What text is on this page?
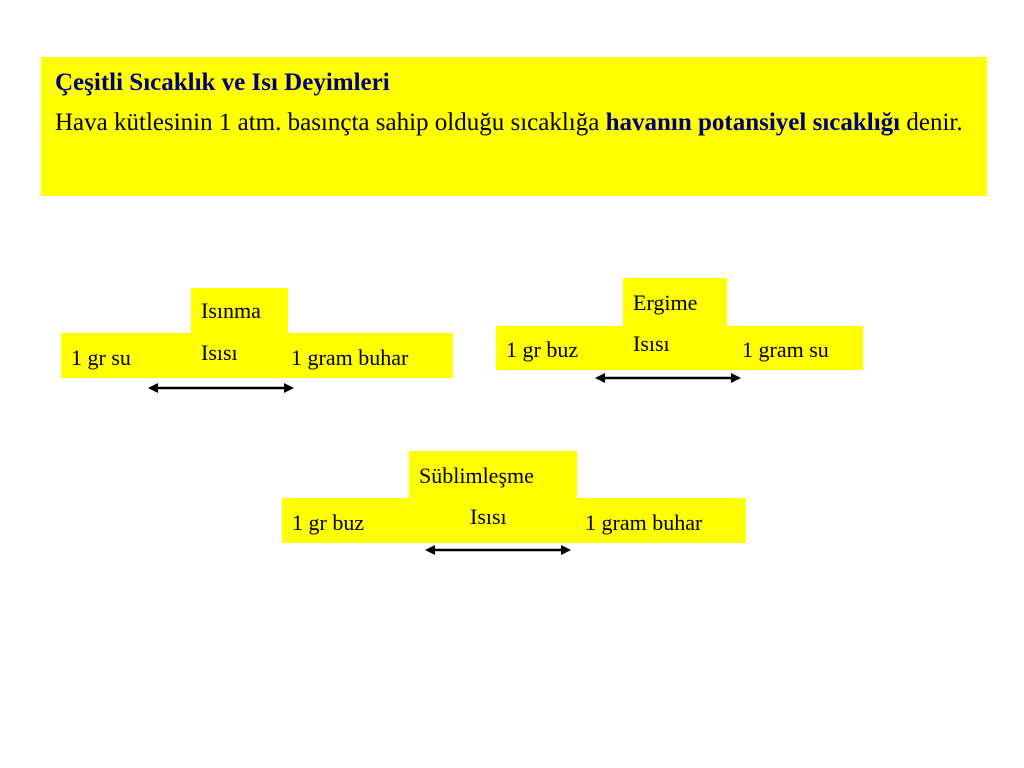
Çeşitli Sıcaklık ve Isı Deyimleri
Hava kütlesinin 1 atm. basınçta sahip olduğu sıcaklığa havanın potansiyel sıcaklığı denir.
Isınma
Isısı
1 gr su	1 gram buhar
Ergime
Isısı
1 gr buz	1 gram su
Süblimleşme
Isısı
1 gr buz	1 gram buhar
